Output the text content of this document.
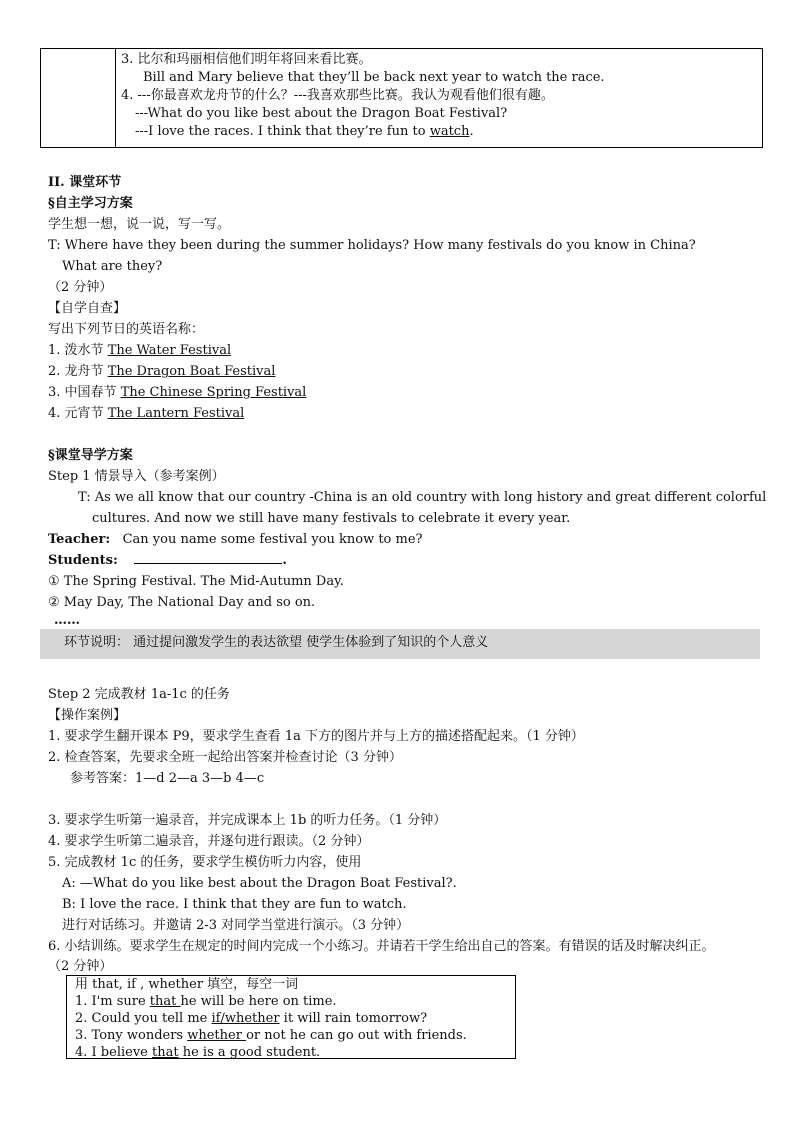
3. 比尔和玛丽相信他们明年将回来看比赛。
Bill and Mary believe that they’ll be back next year to watch the race.
4. ---你最喜欢龙舟节的什么？---我喜欢那些比赛。我认为观看他们很有趣。
---What do you like best about the Dragon Boat Festival?
---I love the races. I think that they’re fun to watch.
II. 课堂环节
§自主学习方案
学生想一想，说一说，写一写。
T: Where have they been during the summer holidays? How many festivals do you know in China?
What are they?
（2 分钟）
【自学自查】
写出下列节日的英语名称：
1. 泼水节 The Water Festival
2. 龙舟节 The Dragon Boat Festival
3. 中国春节 The Chinese Spring Festival
4. 元宵节 The Lantern Festival
§课堂导学方案
Step 1 情景导入（参考案例）
T: As we all know that our country -China is an old country with long history and great different colorful
cultures. And now we still have many festivals to celebrate it every year.
Teacher: Can you name some festival you know to me?
Students:	.
① The Spring Festival. The Mid-Autumn Day.
② May Day, The National Day and so on.
……
环节说明： 通过提问激发学生的表达欲望 使学生体验到了知识的个人意义
Step 2 完成教材 1a-1c 的任务
【操作案例】
1. 要求学生翻开课本 P9，要求学生查看 1a 下方的图片并与上方的描述搭配起来。（1 分钟）
2. 检查答案，先要求全班一起给出答案并检查讨论（3 分钟）
参考答案：1—d 2—a 3—b 4—c
3. 要求学生听第一遍录音，并完成课本上 1b 的听力任务。（1 分钟）
4. 要求学生听第二遍录音，并逐句进行跟读。（2 分钟）
5. 完成教材 1c 的任务，要求学生模仿听力内容，使用
A: —What do you like best about the Dragon Boat Festival?.
B: I love the race. I think that they are fun to watch.
进行对话练习。并邀请 2-3 对同学当堂进行演示。（3 分钟）
6. 小结训练。要求学生在规定的时间内完成一个小练习。并请若干学生给出自己的答案。有错误的话及时解决纠正。
（2 分钟）
用 that, if , whether 填空，每空一词
1. I'm sure that he will be here on time.
2. Could you tell me if/whether it will rain tomorrow?
3. Tony wonders whether or not he can go out with friends.
4. I believe that he is a good student.
